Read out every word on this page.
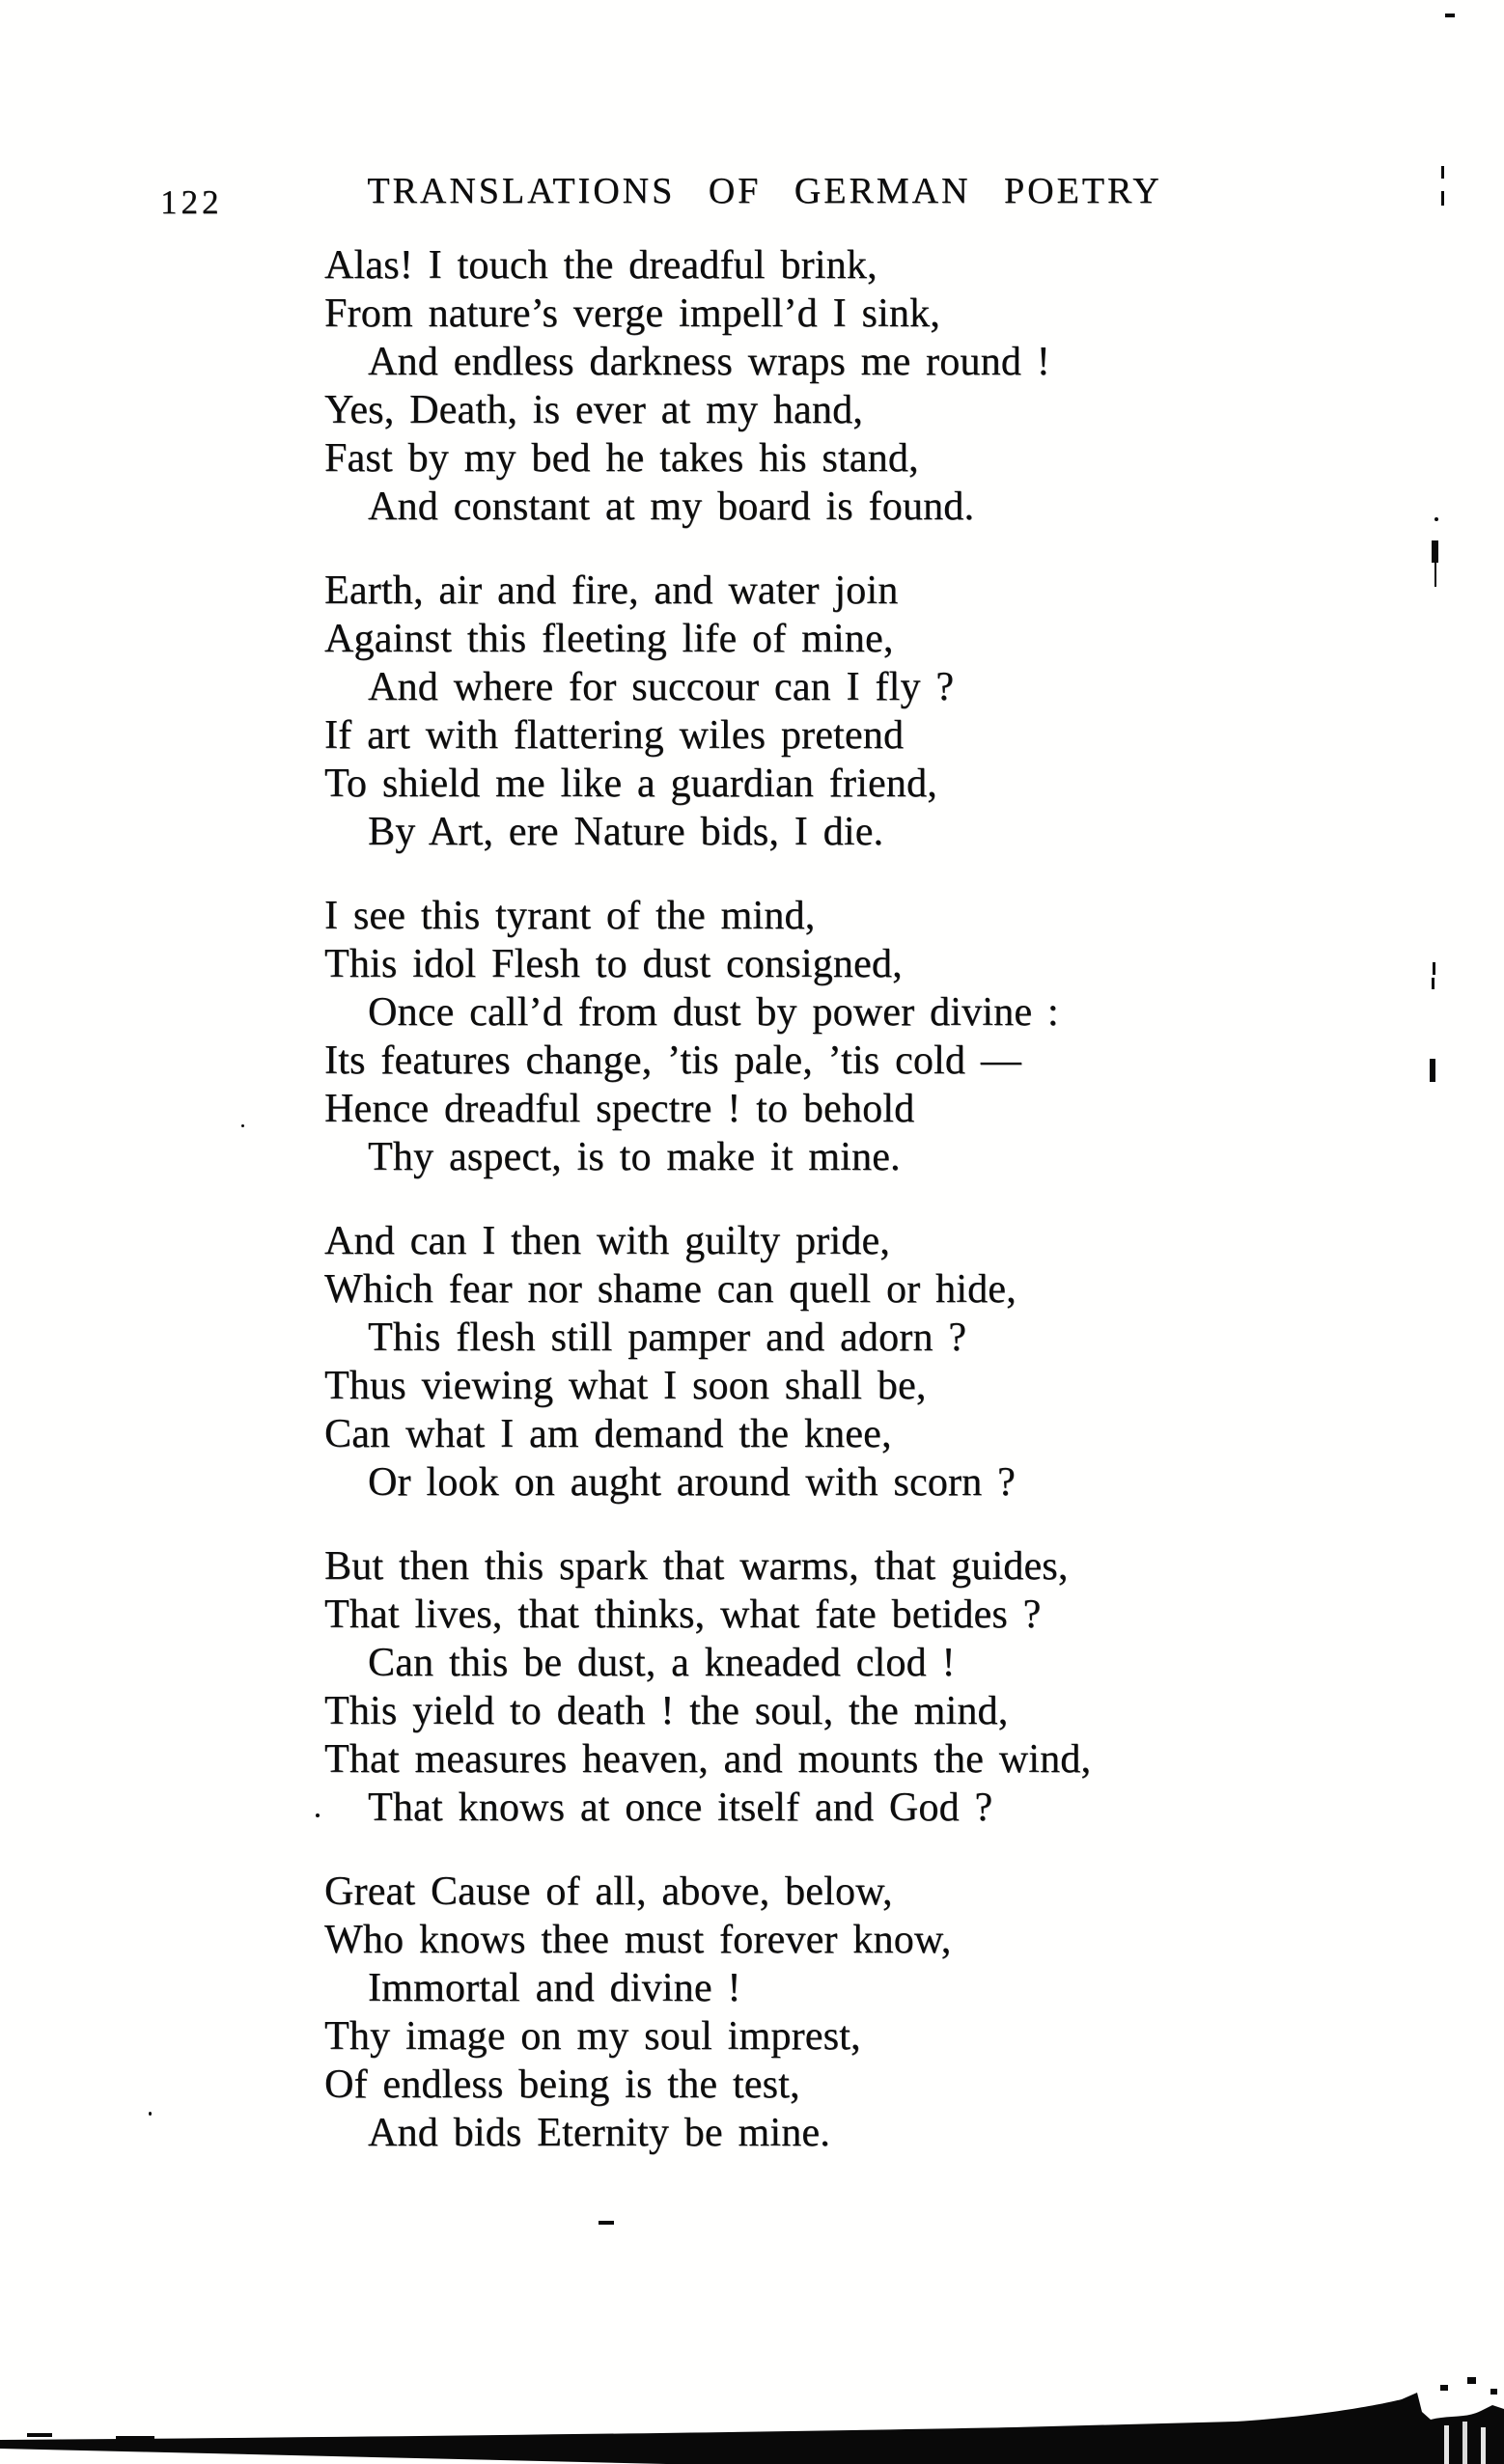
122	TRANSLATIONS OF GERMAN POETRY
Alas! I touch the dreadful brink,
From nature’s verge impell’d I sink,
And endless darkness wraps me round !
Yes, Death, is ever at my hand,
Fast by my bed he takes his stand,
And constant at my board is found.
Earth, air and fire, and water join
Against this fleeting life of mine,
And where for succour can I fly ?
If art with flattering wiles pretend
To shield me like a guardian friend,
By Art, ere Nature bids, I die.
I see this tyrant of the mind,
This idol Flesh to dust consigned,
Once call’d from dust by power divine :
Its features change, ’tis pale, ’tis cold —
Hence dreadful spectre ! to behold
Thy aspect, is to make it mine.
And can I then with guilty pride,
Which fear nor shame can quell or hide,
This flesh still pamper and adorn ?
Thus viewing what I soon shall be,
Can what I am demand the knee,
Or look on aught around with scorn ?
But then this spark that warms, that guides,
That lives, that thinks, what fate betides ?
Can this be dust, a kneaded clod !
This yield to death ! the soul, the mind,
That measures heaven, and mounts the wind,
That knows at once itself and God ?
Great Cause of all, above, below,
Who knows thee must forever know,
Immortal and divine !
Thy image on my soul imprest,
Of endless being is the test,
And bids Eternity be mine.
